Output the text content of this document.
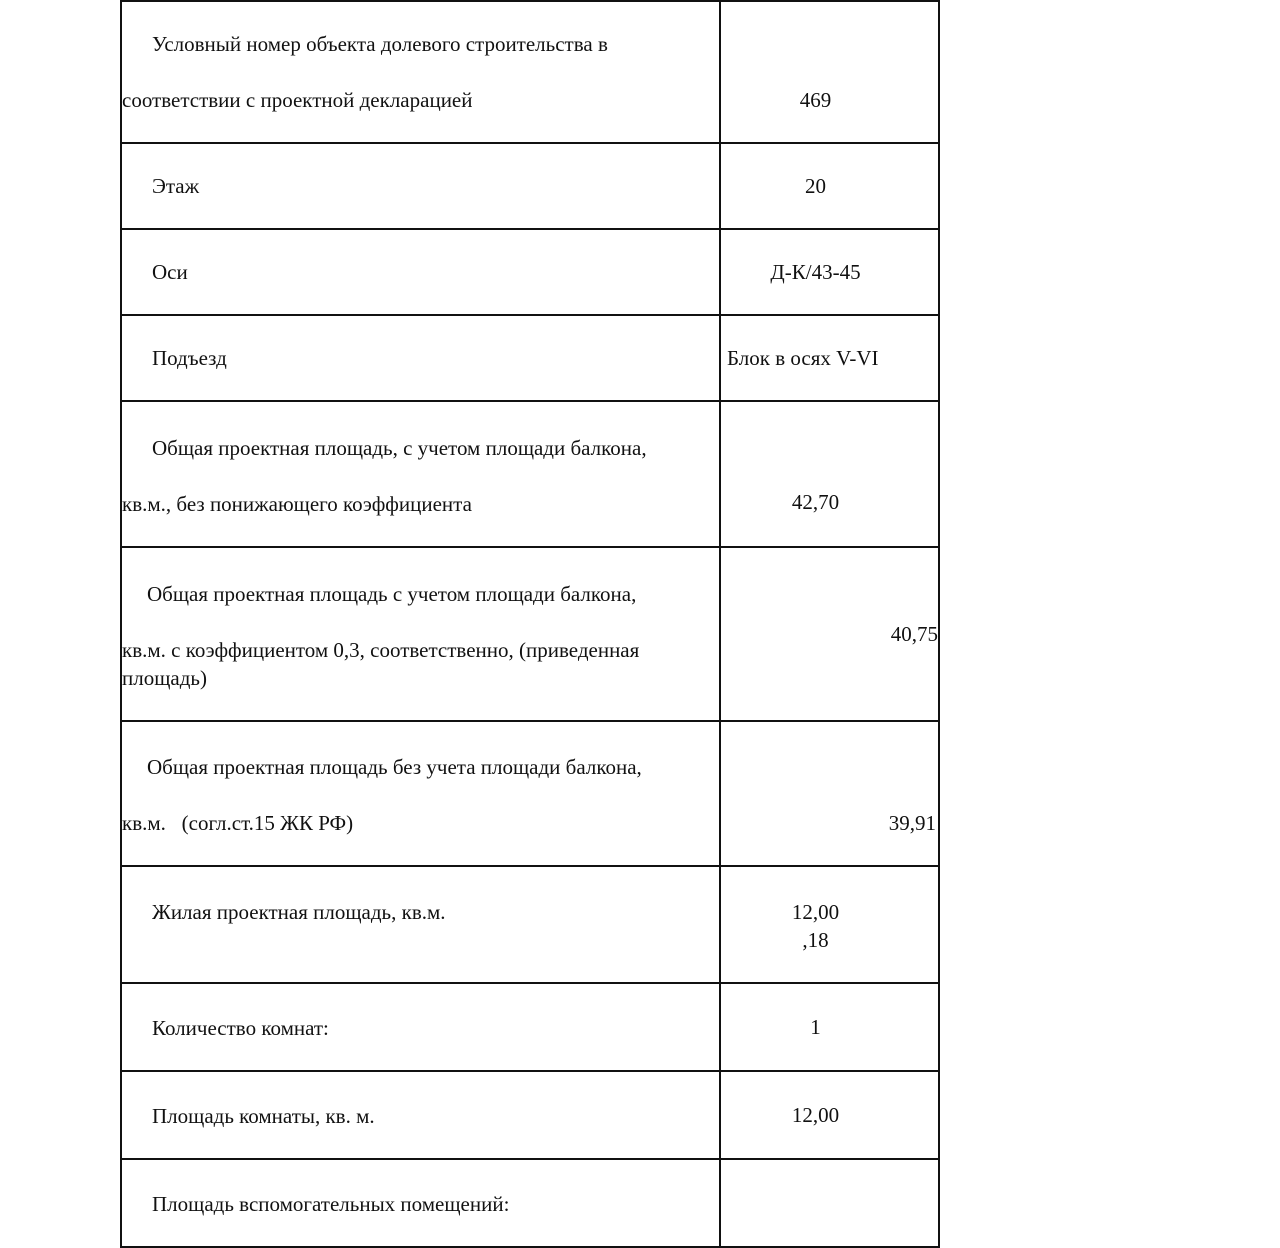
Условный номер объекта долевого строительства в

соответствии с проектной декларацией	469

Этаж	20

Оси	Д-К/43-45

Подъезд	Блок в осях V-VI

Общая проектная площадь, с учетом площади балкона,

кв.м., без понижающего коэффициента	42,70

Общая проектная площадь с учетом площади балкона,

кв.м. с коэффициентом 0,3, соответственно, (приведенная
площадь)	40,75

Общая проектная площадь без учета площади балкона,

кв.м.   (согл.ст.15 ЖК РФ)	39,91

Жилая проектная площадь, кв.м.	12,00
,18

Количество комнат:	1

Площадь комнаты, кв. м.	12,00

Площадь вспомогательных помещений:	
